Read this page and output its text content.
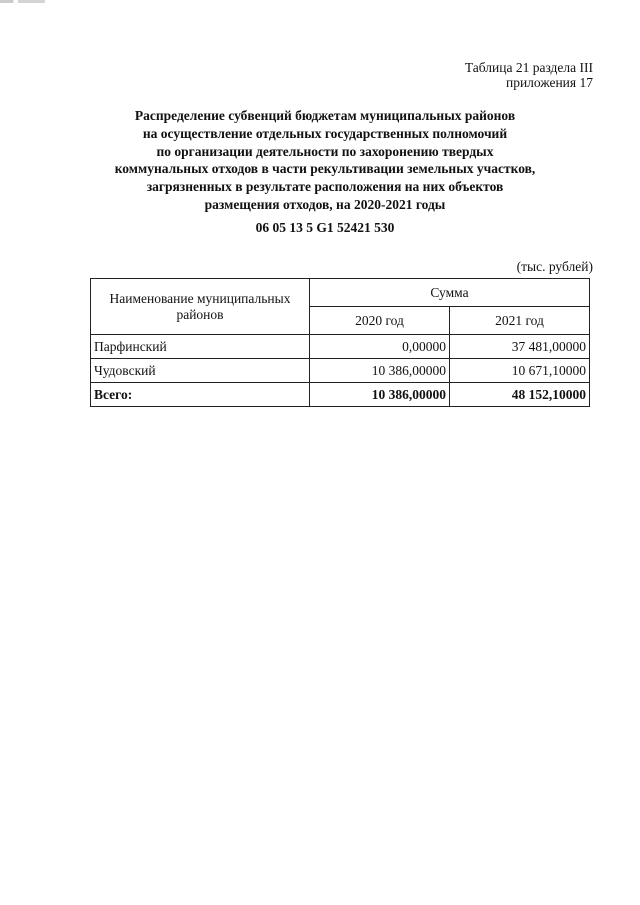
Таблица 21 раздела III
приложения 17
Распределение субвенций бюджетам муниципальных районов
на осуществление отдельных государственных полномочий
по организации деятельности по захоронению твердых
коммунальных отходов в части рекультивации земельных участков,
загрязненных в результате расположения на них объектов
размещения отходов, на 2020-2021 годы
06 05 13 5 G1 52421 530
(тыс. рублей)
Наименование муниципальных районов	Сумма	
	2020 год	2021 год
Парфинский	0,00000	37 481,00000
Чудовский	10 386,00000	10 671,10000
Всего:	10 386,00000	48 152,10000
